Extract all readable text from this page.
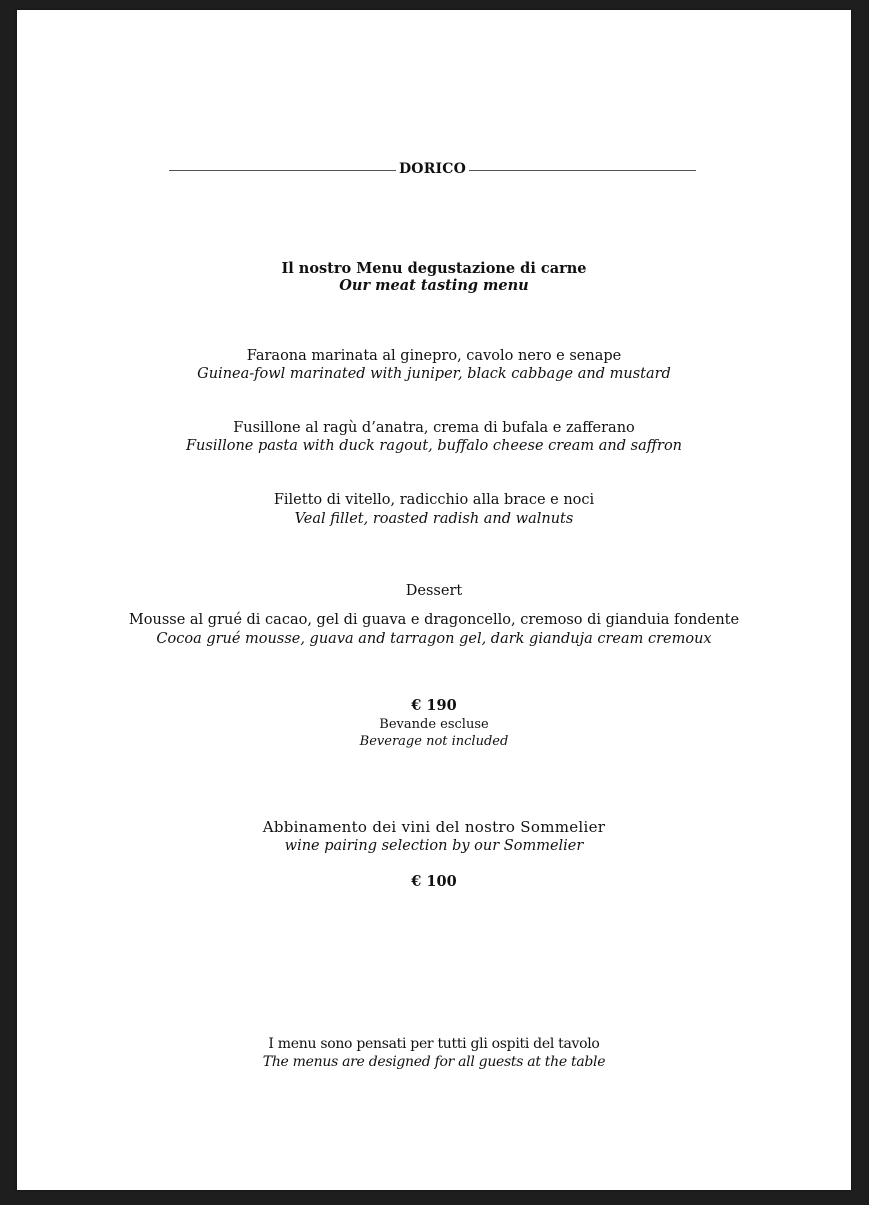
DORICO
Il nostro Menu degustazione di carne
Our meat tasting menu
Faraona marinata al ginepro, cavolo nero e senape
Guinea-fowl marinated with juniper, black cabbage and mustard
Fusillone al ragù d’anatra, crema di bufala e zafferano
Fusillone pasta with duck ragout, buffalo cheese cream and saffron
Filetto di vitello, radicchio alla brace e noci
Veal fillet, roasted radish and walnuts
Dessert
Mousse al grué di cacao, gel di guava e dragoncello, cremoso di gianduia fondente
Cocoa grué mousse, guava and tarragon gel, dark gianduja cream cremoux
€ 190
Bevande escluse
Beverage not included
Abbinamento dei vini del nostro Sommelier
wine pairing selection by our Sommelier
€ 100
I menu sono pensati per tutti gli ospiti del tavolo
The menus are designed for all guests at the table
